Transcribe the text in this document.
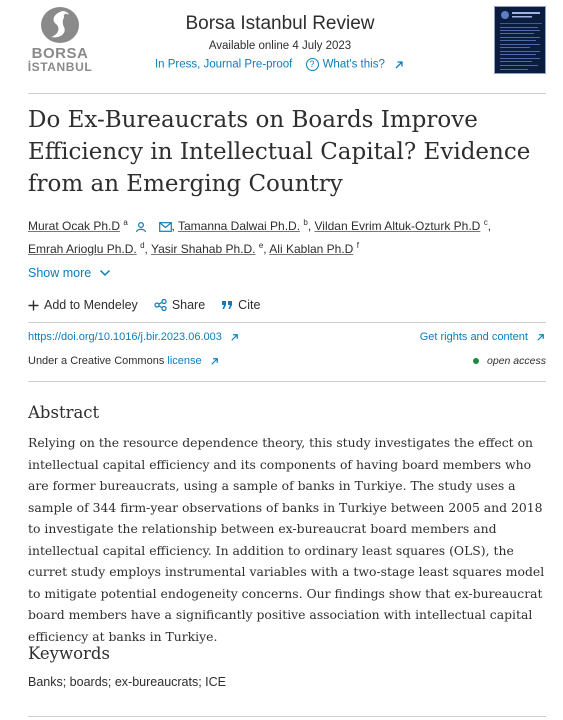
BORSA
İSTANBUL
Borsa Istanbul Review
Available online 4 July 2023
In Press, Journal Pre-proof ? What's this?
Do Ex-Bureaucrats on Boards Improve Efficiency in Intellectual Capital? Evidence from an Emerging Country
Murat Ocak Ph.D $^a$	, Tamanna Dalwai Ph.D. $^b$, Vildan Evrim Altuk-Ozturk Ph.D $^c$,
Emrah Arioglu Ph.D. $^d$, Yasir Shahab Ph.D. $^e$, Ali Kablan Ph.D $^f$
Show more
Add to Mendeley	Share	Cite
https://doi.org/10.1016/j.bir.2023.06.003	Get rights and content
Under a Creative Commons license	open access
Abstract

Relying on the resource dependence theory, this study investigates the effect on intellectual capital efficiency and its components of having board members who are former bureaucrats, using a sample of banks in Turkiye. The study uses a sample of 344 firm-year observations of banks in Turkiye between 2005 and 2018 to investigate the relationship between ex-bureaucrat board members and intellectual capital efficiency. In addition to ordinary least squares (OLS), the curret study employs instrumental variables with a two-stage least squares model to mitigate potential endogeneity concerns. Our findings show that ex-bureaucrat board members have a significantly positive association with intellectual capital efficiency at banks in Turkiye.

Keywords
Banks; boards; ex-bureaucrats; ICE
